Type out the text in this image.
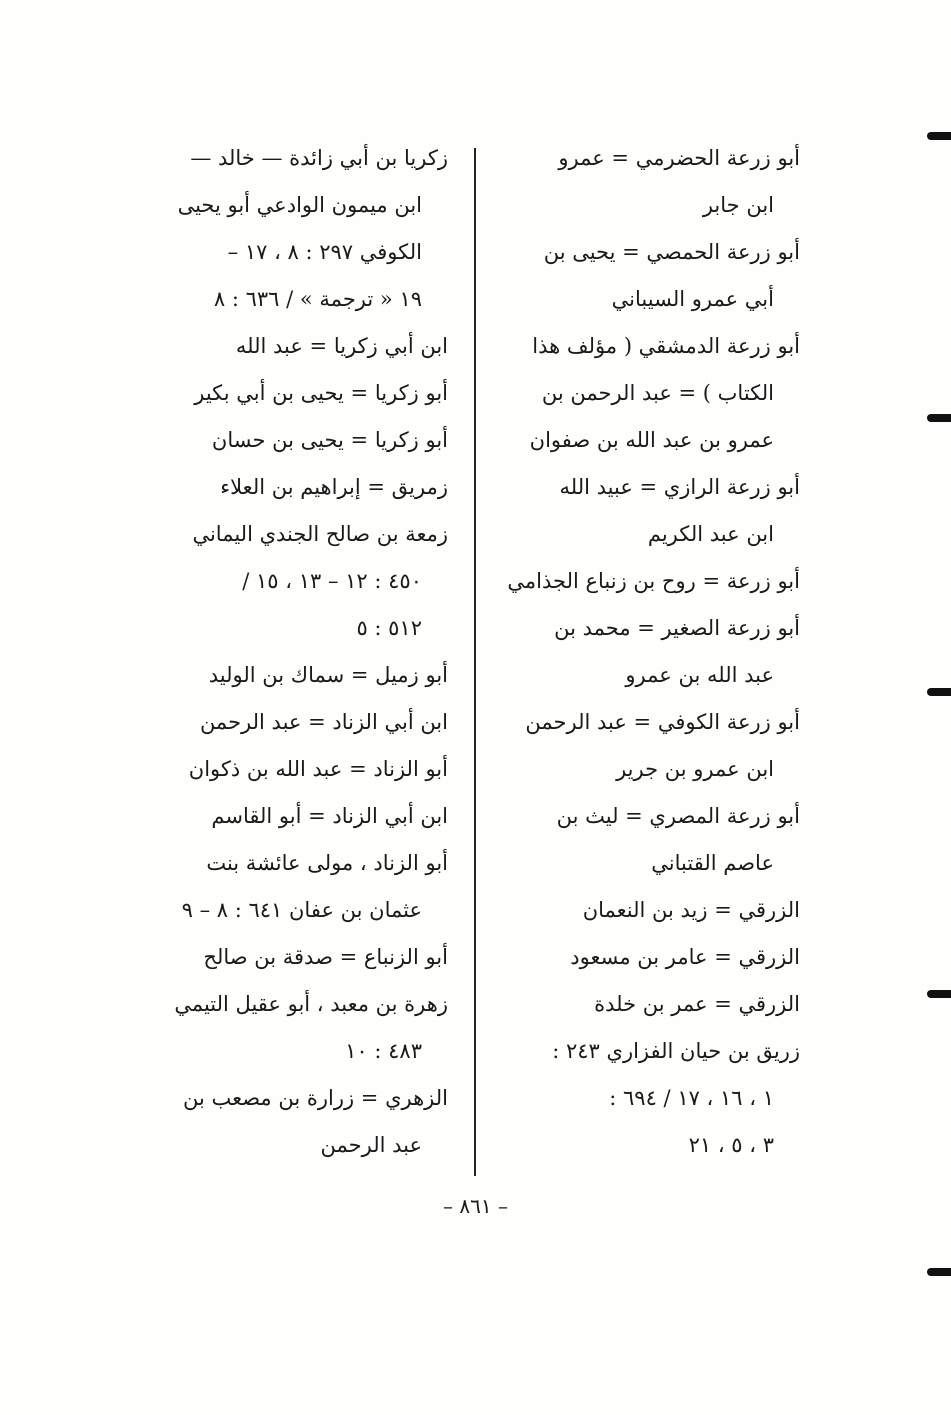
أبو زرعة الحضرمي = عمرو
ابن جابر
أبو زرعة الحمصي = يحيى بن
أبي عمرو السيباني
أبو زرعة الدمشقي ( مؤلف هذا
الكتاب ) = عبد الرحمن بن
عمرو بن عبد الله بن صفوان
أبو زرعة الرازي = عبيد الله
ابن عبد الكريم
أبو زرعة = روح بن زنباع الجذامي
أبو زرعة الصغير = محمد بن
عبد الله بن عمرو
أبو زرعة الكوفي = عبد الرحمن
ابن عمرو بن جرير
أبو زرعة المصري = ليث بن
عاصم القتباني
الزرقي = زيد بن النعمان
الزرقي = عامر بن مسعود
الزرقي = عمر بن خلدة
زريق بن حيان الفزاري ٢٤٣ :
١ ، ١٦ ، ١٧ / ٦٩٤ :
٣ ، ٥ ، ٢١
زكريا بن أبي زائدة — خالد —
ابن ميمون الوادعي أبو يحيى
الكوفي ٢٩٧ : ٨ ، ١٧ –
١٩ « ترجمة » / ٦٣٦ : ٨
ابن أبي زكريا = عبد الله
أبو زكريا = يحيى بن أبي بكير
أبو زكريا = يحيى بن حسان
زمريق = إبراهيم بن العلاء
زمعة بن صالح الجندي اليماني
٤٥٠ : ١٢ – ١٣ ، ١٥ /
٥١٢ : ٥
أبو زميل = سماك بن الوليد
ابن أبي الزناد = عبد الرحمن
أبو الزناد = عبد الله بن ذكوان
ابن أبي الزناد = أبو القاسم
أبو الزناد ، مولى عائشة بنت
عثمان بن عفان ٦٤١ : ٨ – ٩
أبو الزنباع = صدقة بن صالح
زهرة بن معبد ، أبو عقيل التيمي
٤٨٣ : ١٠
الزهري = زرارة بن مصعب بن
عبد الرحمن
– ٨٦١ –
